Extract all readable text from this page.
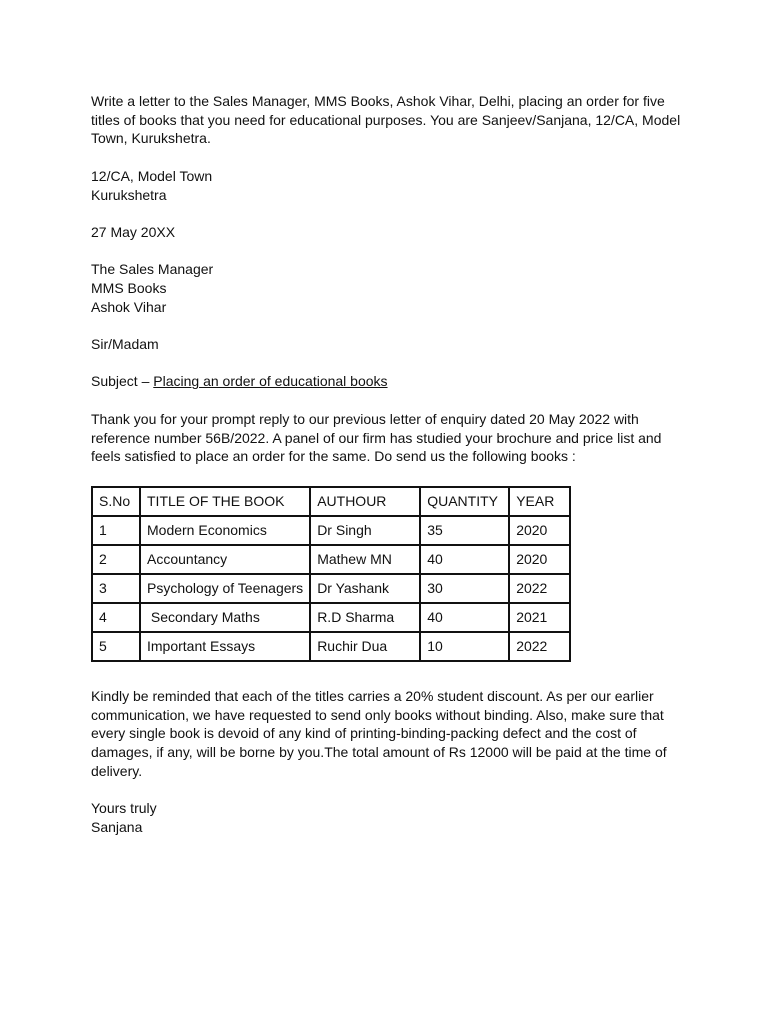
Write a letter to the Sales Manager, MMS Books, Ashok Vihar, Delhi, placing an order for five titles of books that you need for educational purposes. You are Sanjeev/Sanjana, 12/CA, Model Town, Kurukshetra.

12/CA, Model Town
Kurukshetra
27 May 20XX
The Sales Manager
MMS Books
Ashok Vihar
Sir/Madam
Subject – Placing an order of educational books

Thank you for your prompt reply to our previous letter of enquiry dated 20 May 2022 with reference number 56B/2022. A panel of our firm has studied your brochure and price list and feels satisfied to place an order for the same. Do send us the following books :

S.No	TITLE OF THE BOOK	AUTHOUR	QUANTITY	YEAR
1	Modern Economics	Dr Singh	35	2020
2	Accountancy	Mathew MN	40	2020
3	Psychology of Teenagers	Dr Yashank	30	2022
4	Secondary Maths	R.D Sharma	40	2021
5	Important Essays	Ruchir Dua	10	2022

Kindly be reminded that each of the titles carries a 20% student discount. As per our earlier communication, we have requested to send only books without binding. Also, make sure that every single book is devoid of any kind of printing-binding-packing defect and the cost of damages, if any, will be borne by you.The total amount of Rs 12000 will be paid at the time of delivery.

Yours truly
Sanjana
